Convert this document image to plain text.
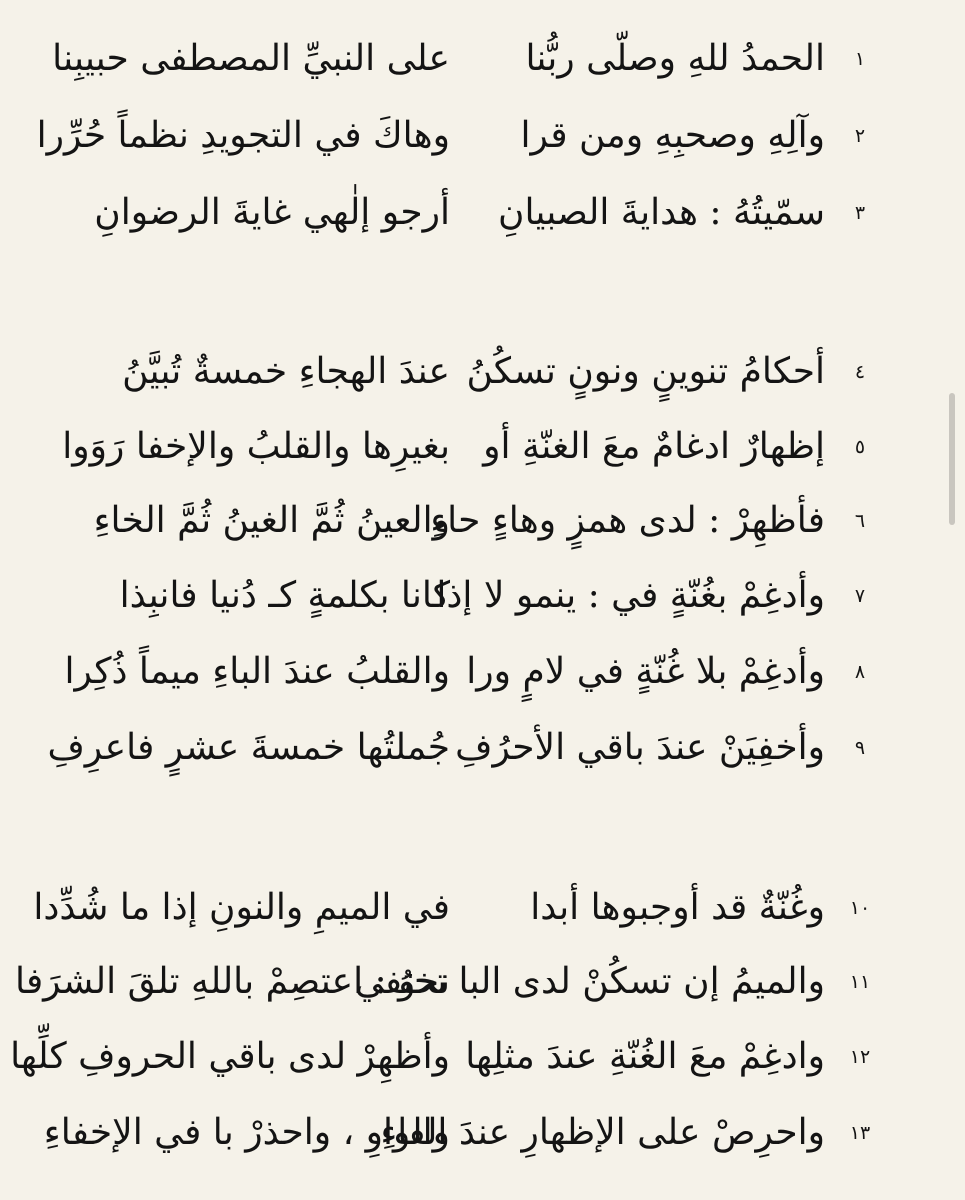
١
الحمدُ للهِ وصلّى ربُّنا
على النبيِّ المصطفى حبيبِنا
٢
وآلِهِ وصحبِهِ ومن قرا
وهاكَ في التجويدِ نظماً حُرِّرا
٣
سمّيتُهُ : هدايةَ الصبيانِ
أرجو إلٰهي غايةَ الرضوانِ
٤
أحكامُ تنوينٍ ونونٍ تسكُنُ
عندَ الهجاءِ خمسةٌ تُبيَّنُ
٥
إظهارٌ ادغامٌ معَ الغنّةِ أو
بغيرِها والقلبُ والإخفا رَوَوا
٦
فأظهِرْ : لدى همزٍ وهاءٍ حاءِ
والعينُ ثُمَّ الغينُ ثُمَّ الخاءِ
٧
وأدغِمْ بغُنّةٍ في : ينمو لا إذا
كانا بكلمةٍ كـ دُنيا فانبِذا
٨
وأدغِمْ بلا غُنّةٍ في لامٍ ورا
والقلبُ عندَ الباءِ ميماً ذُكِرا
٩
وأخفِيَنْ عندَ باقي الأحرُفِ
جُملتُها خمسةَ عشرٍ فاعرِفِ
١٠
وغُنّةٌ قد أوجبوها أبدا
في الميمِ والنونِ إذا ما شُدِّدا
١١
والميمُ إن تسكُنْ لدى البا تختفي
نحوُ : اعتصِمْ باللهِ تلقَ الشرَفا
١٢
وادغِمْ معَ الغُنّةِ عندَ مثلِها
وأظهِرْ لدى باقي الحروفِ كلِّها
١٣
واحرِصْ على الإظهارِ عندَ الفاءِ
والواوِ ، واحذرْ با في الإخفاءِ
